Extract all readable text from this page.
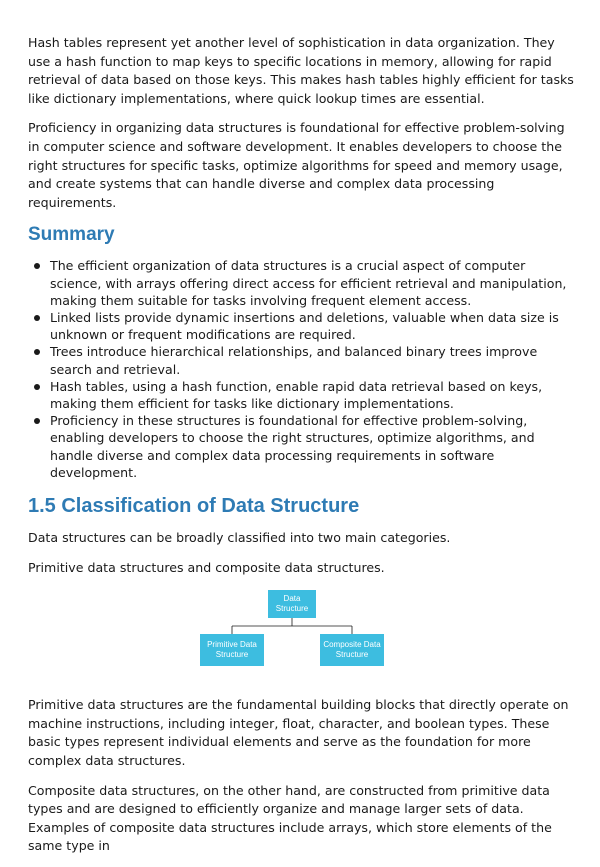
Hash tables represent yet another level of sophistication in data organization. They use a hash function to map keys to specific locations in memory, allowing for rapid retrieval of data based on those keys. This makes hash tables highly efficient for tasks like dictionary implementations, where quick lookup times are essential.

Proficiency in organizing data structures is foundational for effective problem-solving in computer science and software development. It enables developers to choose the right structures for specific tasks, optimize algorithms for speed and memory usage, and create systems that can handle diverse and complex data processing requirements.

Summary
The efficient organization of data structures is a crucial aspect of computer science, with arrays offering direct access for efficient retrieval and manipulation, making them suitable for tasks involving frequent element access.
Linked lists provide dynamic insertions and deletions, valuable when data size is unknown or frequent modifications are required.
Trees introduce hierarchical relationships, and balanced binary trees improve search and retrieval.
Hash tables, using a hash function, enable rapid data retrieval based on keys, making them efficient for tasks like dictionary implementations.
Proficiency in these structures is foundational for effective problem-solving, enabling developers to choose the right structures, optimize algorithms, and handle diverse and complex data processing requirements in software development.
1.5 Classification of Data Structure

Data structures can be broadly classified into two main categories.

Primitive data structures and composite data structures.

Data Structure
Primitive Data Structure
Composite Data Structure

Primitive data structures are the fundamental building blocks that directly operate on machine instructions, including integer, float, character, and boolean types. These basic types represent individual elements and serve as the foundation for more complex data structures.

Composite data structures, on the other hand, are constructed from primitive data types and are designed to efficiently organize and manage larger sets of data. Examples of composite data structures include arrays, which store elements of the same type in
